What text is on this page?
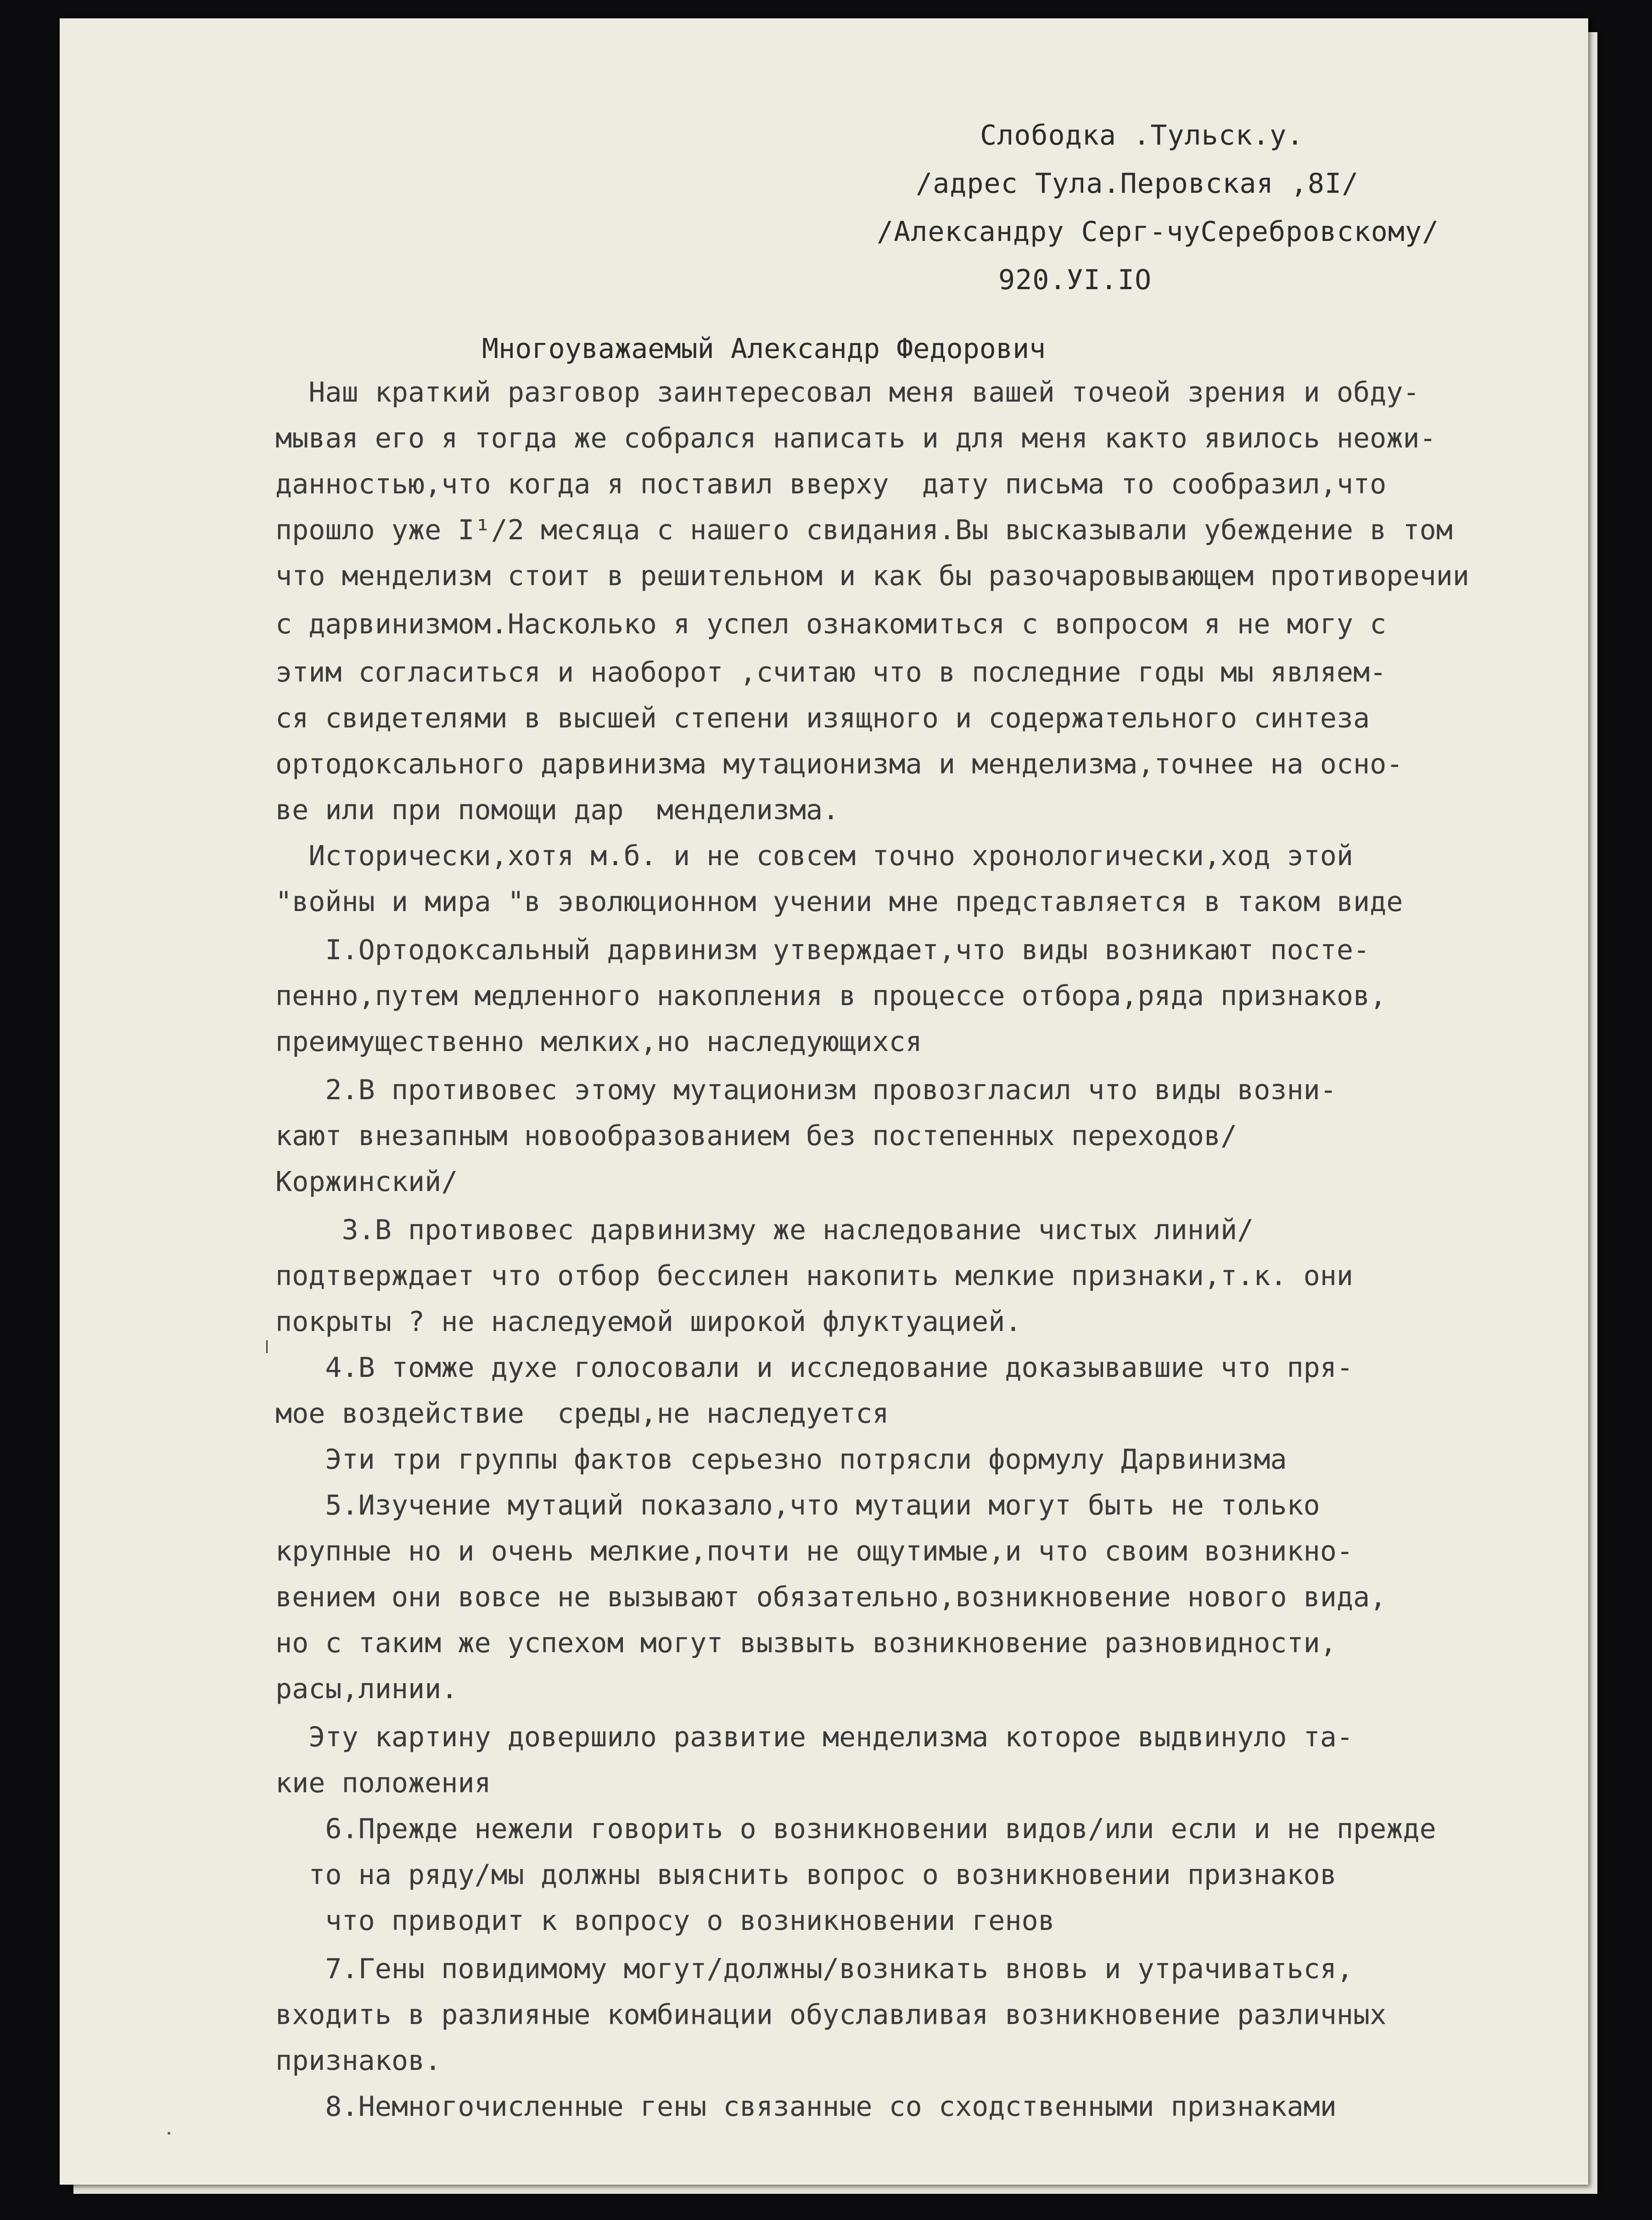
Слободка .Тульск.у.
/адрес Тула.Перовская ,8I/
/Александру Серг-чуСеребровскому/
920.УI.IO
Многоуважаемый Александр Федорович
Наш краткий разговор заинтересовал меня вашей точеой зрения и обду-
мывая его я тогда же собрался написать и для меня както явилось неожи-
данностью,что когда я поставил вверху  дату письма то сообразил,что
прошло уже I¹/2 месяца с нашего свидания.Вы высказывали убеждение в том
что менделизм стоит в решительном и как бы разочаровывающем противоречии
с дарвинизмом.Насколько я успел ознакомиться с вопросом я не могу с
этим согласиться и наоборот ,считаю что в последние годы мы являем-
ся свидетелями в высшей степени изящного и содержательного синтеза
ортодоксального дарвинизма мутационизма и менделизма,точнее на осно-
ве или при помощи дар  менделизма.
Исторически,хотя м.б. и не совсем точно хронологически,ход этой
"войны и мира "в эволюционном учении мне представляется в таком виде
I.Ортодоксальный дарвинизм утверждает,что виды возникают посте-
пенно,путем медленного накопления в процессе отбора,ряда признаков,
преимущественно мелких,но наследующихся
2.В противовес этому мутационизм провозгласил что виды возни-
кают внезапным новообразованием без постепенных переходов/
Коржинский/
3.В противовес дарвинизму же наследование чистых линий/
подтверждает что отбор бессилен накопить мелкие признаки,т.к. они
покрыты ? не наследуемой широкой флуктуацией.
4.В томже духе голосовали и исследование доказывавшие что пря-
мое воздействие  среды,не наследуется
Эти три группы фактов серьезно потрясли формулу Дарвинизма
5.Изучение мутаций показало,что мутации могут быть не только
крупные но и очень мелкие,почти не ощутимые,и что своим возникно-
вением они вовсе не вызывают обязательно,возникновение нового вида,
но с таким же успехом могут вызвыть возникновение разновидности,
расы,линии.
Эту картину довершило развитие менделизма которое выдвинуло та-
кие положения
6.Прежде нежели говорить о возникновении видов/или если и не прежде
то на ряду/мы должны выяснить вопрос о возникновении признаков
что приводит к вопросу о возникновении генов
7.Гены повидимому могут/должны/возникать вновь и утрачиваться,
входить в разлияные комбинации обуславливая возникновение различных
признаков.
8.Немногочисленные гены связанные со сходственными признаками
